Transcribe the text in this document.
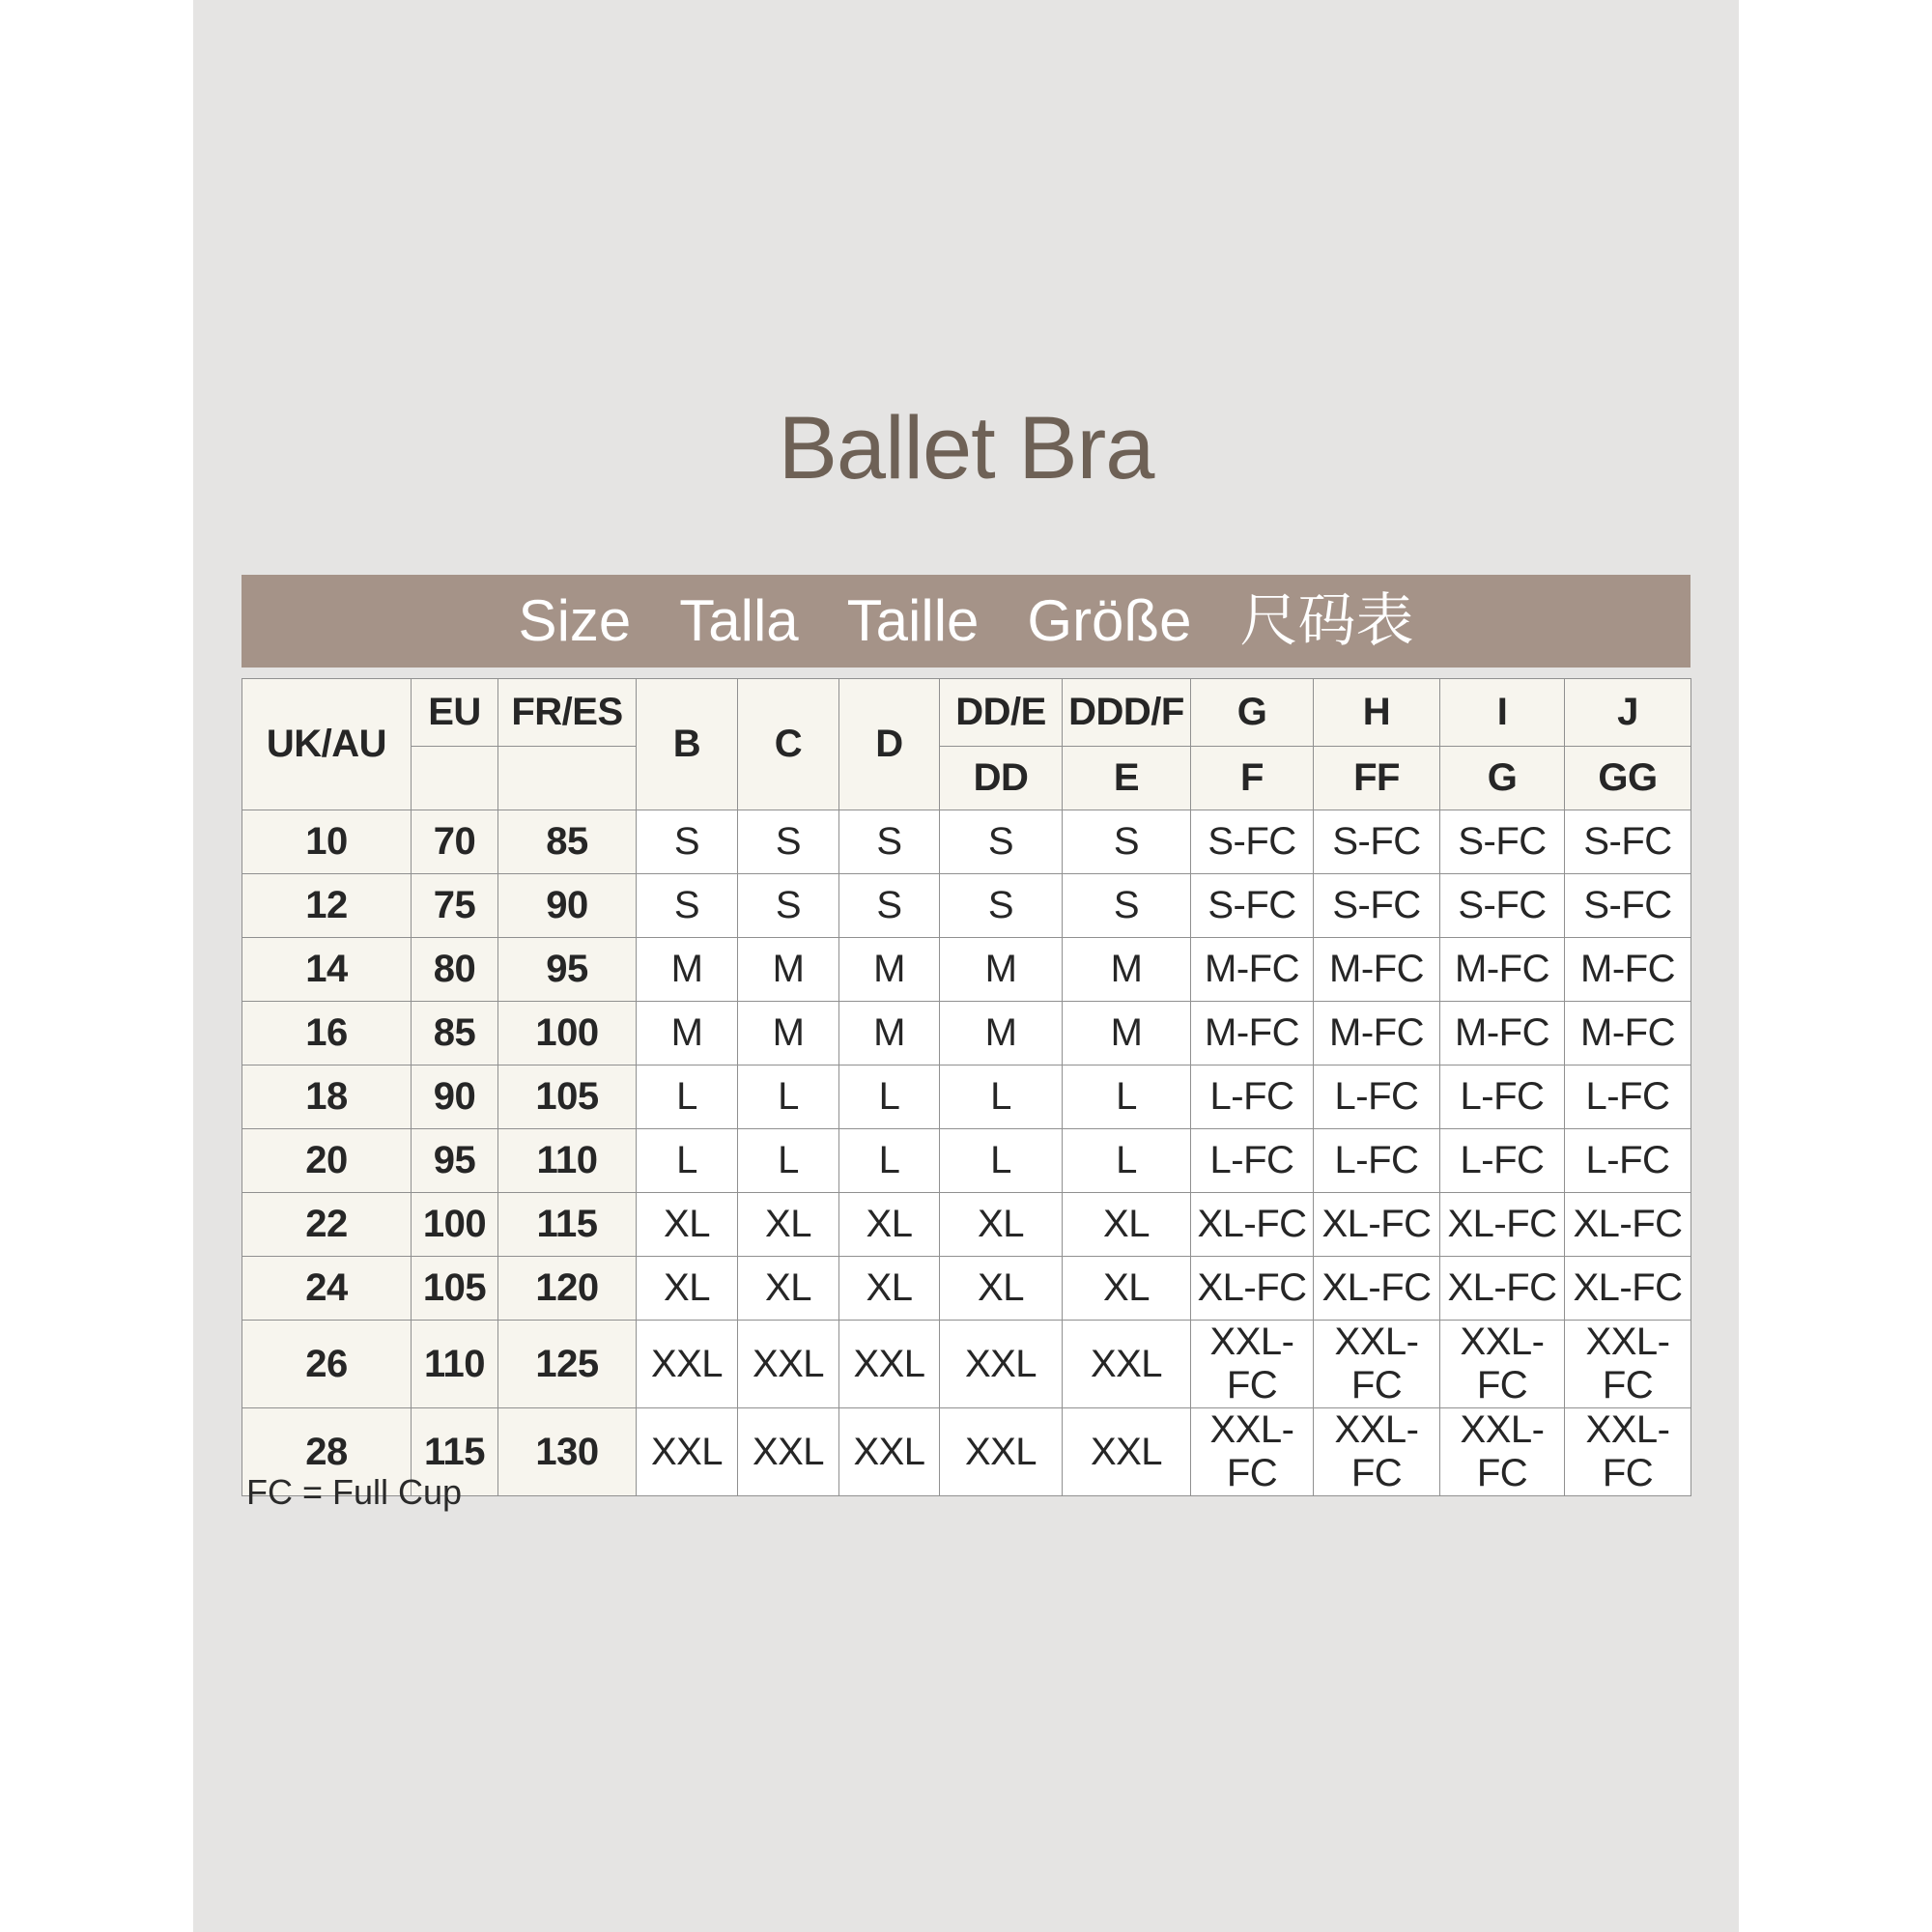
Ballet Bra
Size Talla Taille Größe 尺码表
UK/AU	EU	FR/ES	B	C	D	DD/E	DDD/F	G	H	I	J
						DD	E	F	FF	G	GG
10	70	85	S	S	S	S	S	S-FC	S-FC	S-FC	S-FC
12	75	90	S	S	S	S	S	S-FC	S-FC	S-FC	S-FC
14	80	95	M	M	M	M	M	M-FC	M-FC	M-FC	M-FC
16	85	100	M	M	M	M	M	M-FC	M-FC	M-FC	M-FC
18	90	105	L	L	L	L	L	L-FC	L-FC	L-FC	L-FC
20	95	110	L	L	L	L	L	L-FC	L-FC	L-FC	L-FC
22	100	115	XL	XL	XL	XL	XL	XL-FC	XL-FC	XL-FC	XL-FC
24	105	120	XL	XL	XL	XL	XL	XL-FC	XL-FC	XL-FC	XL-FC
26	110	125	XXL	XXL	XXL	XXL	XXL	XXL-FC	XXL-FC	XXL-FC	XXL-FC
28	115	130	XXL	XXL	XXL	XXL	XXL	XXL-FC	XXL-FC	XXL-FC	XXL-FC
FC = Full Cup
